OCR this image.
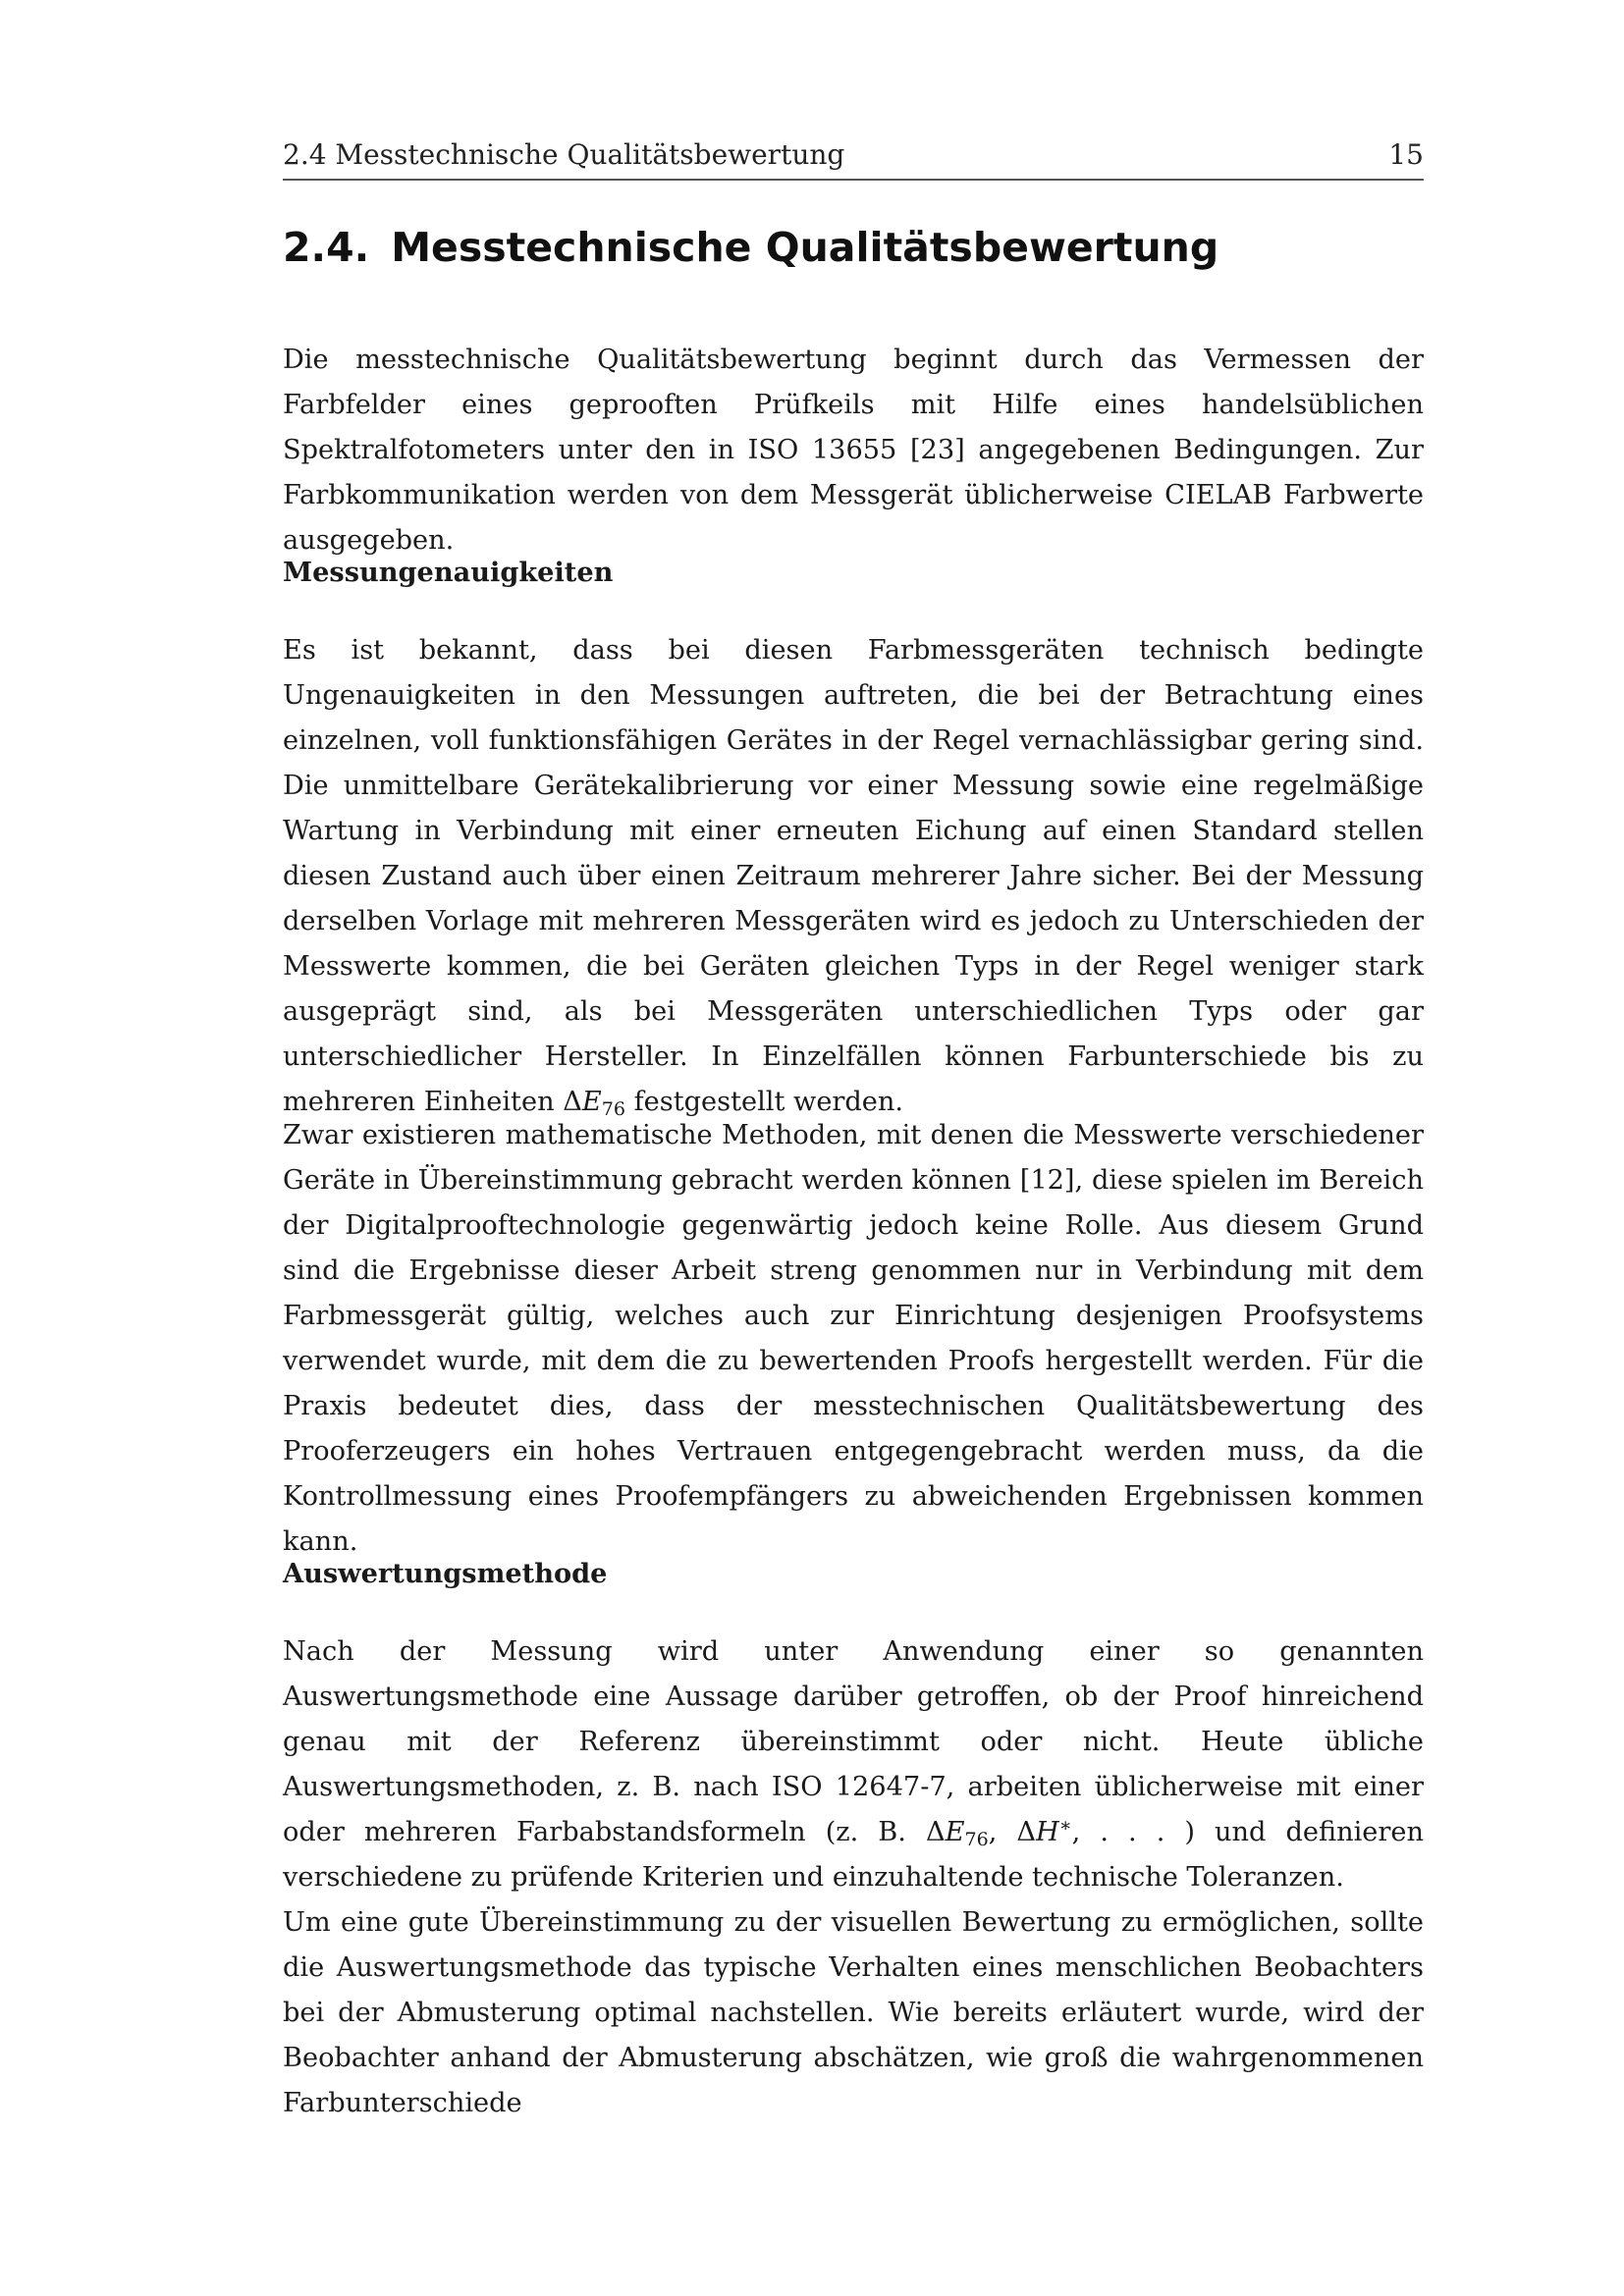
2.4 Messtechnische Qualitätsbewertung	15
2.4. Messtechnische Qualitätsbewertung

Die messtechnische Qualitätsbewertung beginnt durch das Vermessen der Farbfelder eines geprooften Prüfkeils mit Hilfe eines handelsüblichen Spektralfotometers unter den in ISO 13655 [23] angegebenen Bedingungen. Zur Farbkommunikation werden von dem Messgerät üblicherweise CIELAB Farbwerte ausgegeben.

Messungenauigkeiten

Es ist bekannt, dass bei diesen Farbmessgeräten technisch bedingte Ungenauigkeiten in den Messungen auftreten, die bei der Betrachtung eines einzelnen, voll funktionsfähigen Gerätes in der Regel vernachlässigbar gering sind. Die unmittelbare Gerätekalibrierung vor einer Messung sowie eine regelmäßige Wartung in Verbindung mit einer erneuten Eichung auf einen Standard stellen diesen Zustand auch über einen Zeitraum mehrerer Jahre sicher. Bei der Messung derselben Vorlage mit mehreren Messgeräten wird es jedoch zu Unterschieden der Messwerte kommen, die bei Geräten gleichen Typs in der Regel weniger stark ausgeprägt sind, als bei Messgeräten unterschiedlichen Typs oder gar unterschiedlicher Hersteller. In Einzelfällen können Farbunterschiede bis zu mehreren Einheiten $\Delta E_{76}$ festgestellt werden.

Zwar existieren mathematische Methoden, mit denen die Messwerte verschiedener Geräte in Übereinstimmung gebracht werden können [12], diese spielen im Bereich der Digitalprooftechnologie gegenwärtig jedoch keine Rolle. Aus diesem Grund sind die Ergebnisse dieser Arbeit streng genommen nur in Verbindung mit dem Farbmessgerät gültig, welches auch zur Einrichtung desjenigen Proofsystems verwendet wurde, mit dem die zu bewertenden Proofs hergestellt werden. Für die Praxis bedeutet dies, dass der messtechnischen Qualitätsbewertung des Prooferzeugers ein hohes Vertrauen entgegengebracht werden muss, da die Kontrollmessung eines Proofempfängers zu abweichenden Ergebnissen kommen kann.

Auswertungsmethode

Nach der Messung wird unter Anwendung einer so genannten Auswertungsmethode eine Aussage darüber getroffen, ob der Proof hinreichend genau mit der Referenz übereinstimmt oder nicht. Heute übliche Auswertungsmethoden, z. B. nach ISO 12647-7, arbeiten üblicherweise mit einer oder mehreren Farbabstandsformeln (z. B. $\Delta E_{76}$, ΔH∗, . . . ) und definieren verschiedene zu prüfende Kriterien und einzuhaltende technische Toleranzen.

Um eine gute Übereinstimmung zu der visuellen Bewertung zu ermöglichen, sollte die Auswertungsmethode das typische Verhalten eines menschlichen Beobachters bei der Abmusterung optimal nachstellen. Wie bereits erläutert wurde, wird der Beobachter anhand der Abmusterung abschätzen, wie groß die wahrgenommenen Farbunterschiede
